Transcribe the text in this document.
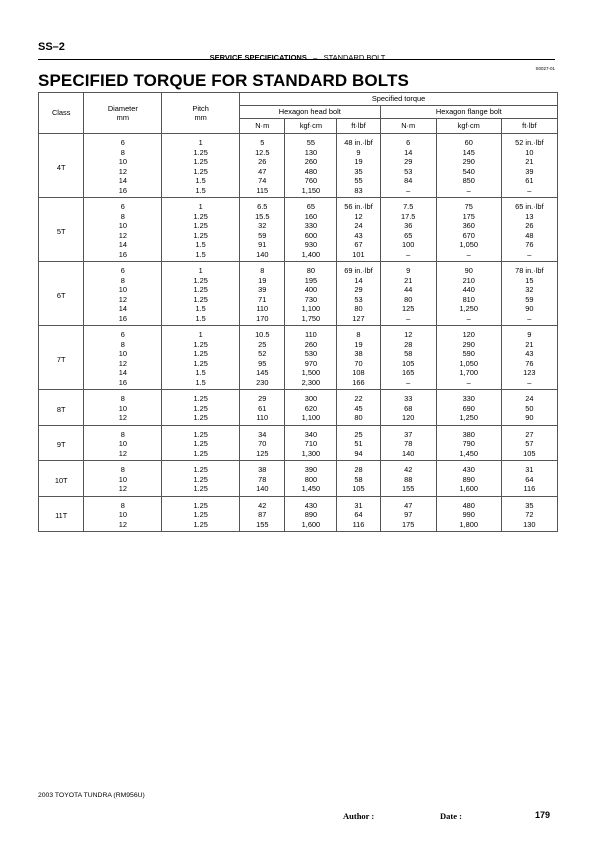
SS–2
SERVICE SPECIFICATIONS – STANDARD BOLT
S0027-01
SPECIFIED TORQUE FOR STANDARD BOLTS
Class	Diameter
mm	Pitch
mm	Specified torque					
			Hexagon head bolt			Hexagon flange bolt		
			N·m	kgf·cm	ft·lbf	N·m	kgf·cm	ft·lbf
4T	6	1	5	55	48 in.·lbf	6	60	52 in.·lbf
	8	1.25	12.5	130	9	14	145	10
	10	1.25	26	260	19	29	290	21
	12	1.25	47	480	35	53	540	39
	14	1.5	74	760	55	84	850	61
	16	1.5	115	1,150	83	–	–	–
5T	6	1	6.5	65	56 in.·lbf	7.5	75	65 in.·lbf
	8	1.25	15.5	160	12	17.5	175	13
	10	1.25	32	330	24	36	360	26
	12	1.25	59	600	43	65	670	48
	14	1.5	91	930	67	100	1,050	76
	16	1.5	140	1,400	101	–	–	–
6T	6	1	8	80	69 in.·lbf	9	90	78 in.·lbf
	8	1.25	19	195	14	21	210	15
	10	1.25	39	400	29	44	440	32
	12	1.25	71	730	53	80	810	59
	14	1.5	110	1,100	80	125	1,250	90
	16	1.5	170	1,750	127	–	–	–
7T	6	1	10.5	110	8	12	120	9
	8	1.25	25	260	19	28	290	21
	10	1.25	52	530	38	58	590	43
	12	1.25	95	970	70	105	1,050	76
	14	1.5	145	1,500	108	165	1,700	123
	16	1.5	230	2,300	166	–	–	–
8T	8	1.25	29	300	22	33	330	24
	10	1.25	61	620	45	68	690	50
	12	1.25	110	1,100	80	120	1,250	90
9T	8	1.25	34	340	25	37	380	27
	10	1.25	70	710	51	78	790	57
	12	1.25	125	1,300	94	140	1,450	105
10T	8	1.25	38	390	28	42	430	31
	10	1.25	78	800	58	88	890	64
	12	1.25	140	1,450	105	155	1,600	116
11T	8	1.25	42	430	31	47	480	35
	10	1.25	87	890	64	97	990	72
	12	1.25	155	1,600	116	175	1,800	130
2003 TOYOTA TUNDRA (RM956U)
Author :	Date :	179
